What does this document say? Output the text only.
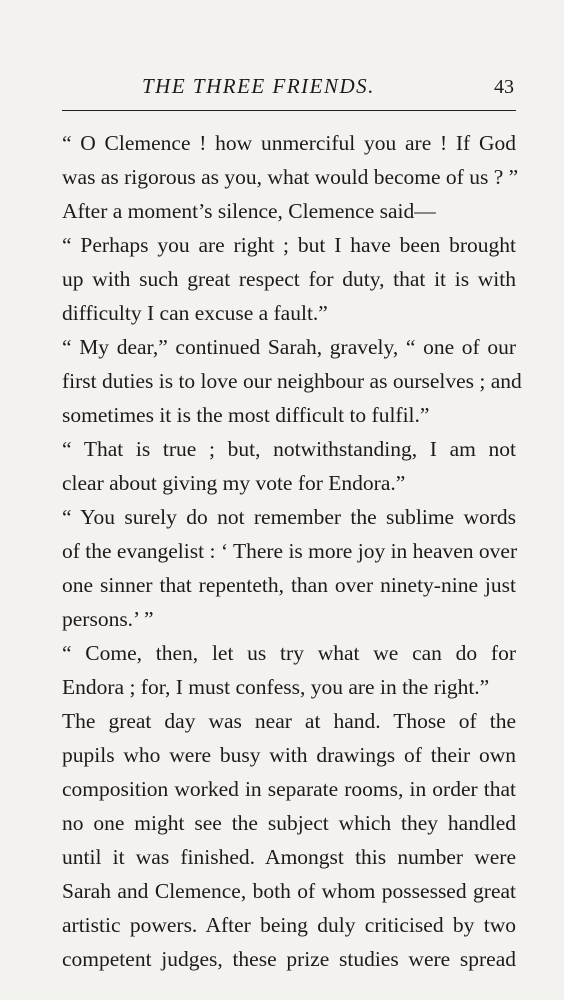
THE THREE FRIENDS.	43
“ O Clemence ! how unmerciful you are ! If God
was as rigorous as you, what would become of us ? ”
After a moment’s silence, Clemence said—
“ Perhaps you are right ; but I have been brought
up with such great respect for duty, that it is with
difficulty I can excuse a fault.”
“ My dear,” continued Sarah, gravely, “ one of our
first duties is to love our neighbour as ourselves ; and
sometimes it is the most difficult to fulfil.”
“ That is true ; but, notwithstanding, I am not
clear about giving my vote for Endora.”
“ You surely do not remember the sublime words
of the evangelist : ‘ There is more joy in heaven over
one sinner that repenteth, than over ninety-nine just
persons.’ ”
“ Come, then, let us try what we can do for
Endora ; for, I must confess, you are in the right.”
The great day was near at hand. Those of the
pupils who were busy with drawings of their own
composition worked in separate rooms, in order that
no one might see the subject which they handled
until it was finished. Amongst this number were
Sarah and Clemence, both of whom possessed great
artistic powers. After being duly criticised by two
competent judges, these prize studies were spread
